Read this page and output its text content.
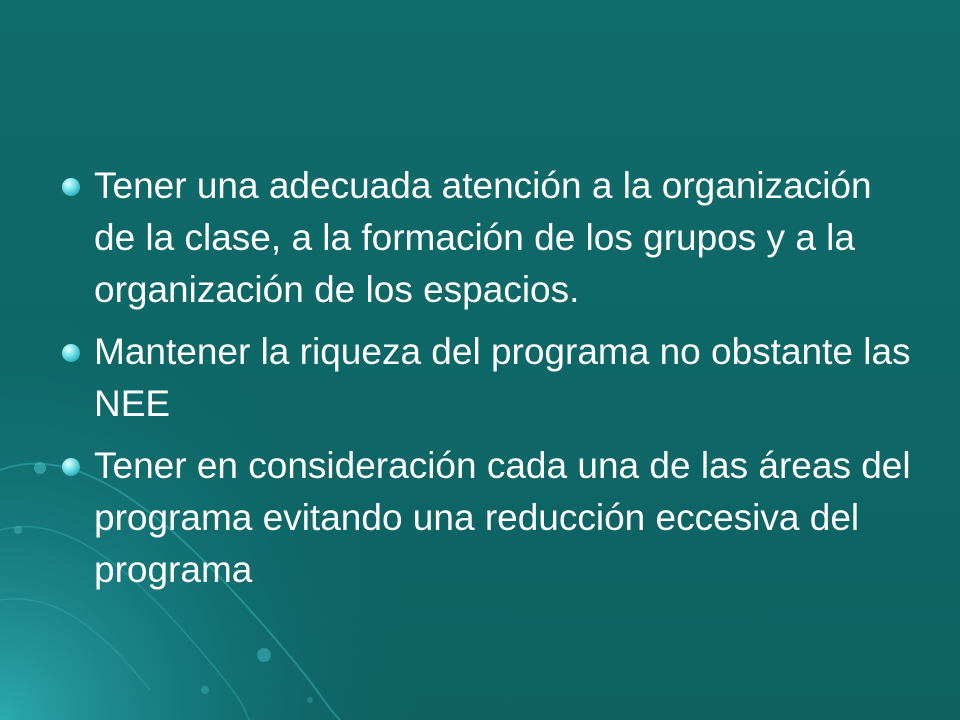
Tener una adecuada atención a la organización de la clase, a la formación de los grupos y a la organización de los espacios.
Mantener la riqueza del programa no obstante las NEE
Tener en consideración cada una de las áreas del programa evitando una reducción eccesiva del programa
